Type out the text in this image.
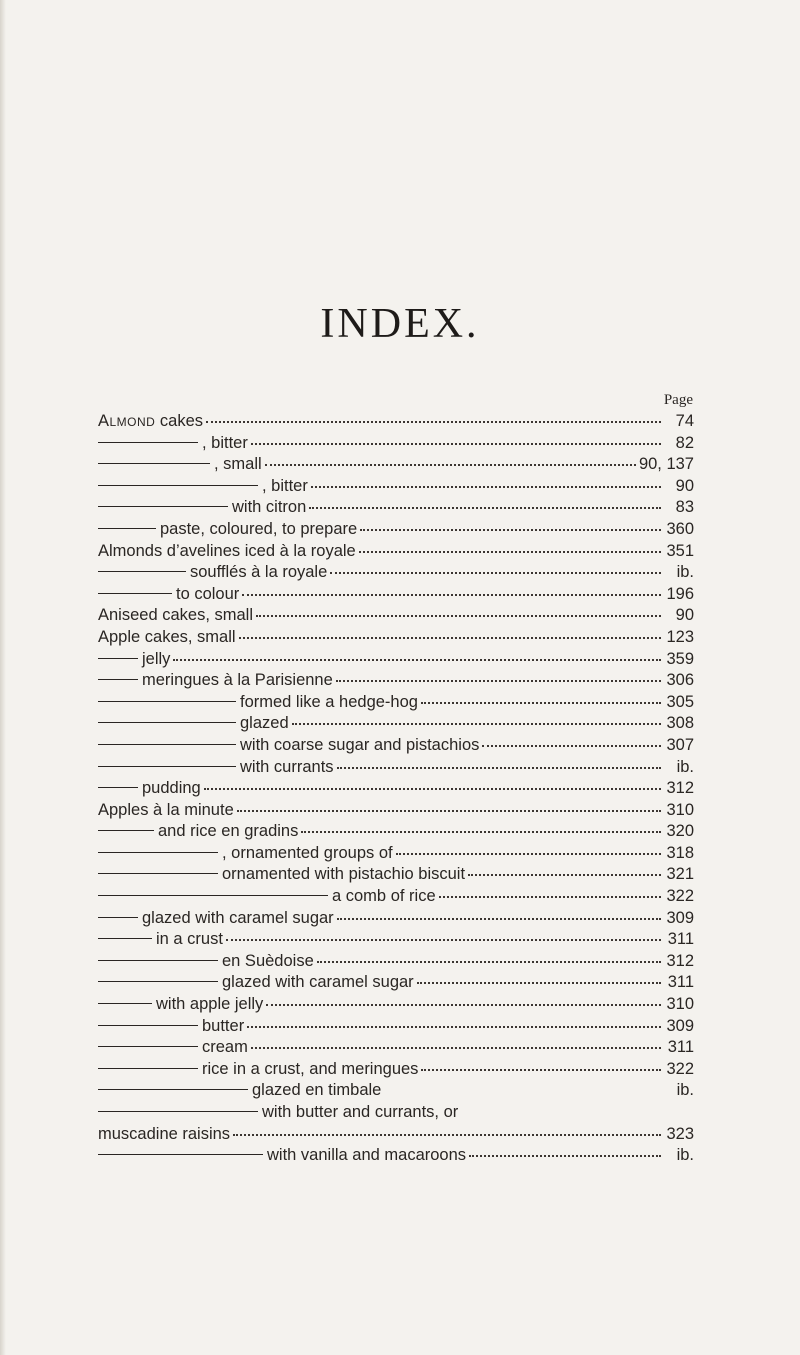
INDEX.
Page
Almond cakes	74
, bitter	82
, small	90, 137
, bitter	90
with citron	83
paste, coloured, to prepare	360
Almonds d’avelines iced à la royale	351
soufflés à la royale	ib.
to colour	196
Aniseed cakes, small	90
Apple cakes, small	123
jelly	359
meringues à la Parisienne	306
formed like a hedge-hog	305
glazed	308
with coarse sugar and pistachios	307
with currants	ib.
pudding	312
Apples à la minute	310
and rice en gradins	320
, ornamented groups of	318
ornamented with pistachio biscuit	321
a comb of rice	322
glazed with caramel sugar	309
in a crust	311
en Suèdoise	312
glazed with caramel sugar	311
with apple jelly	310
butter	309
cream	311
rice in a crust, and meringues	322
glazed en timbale	ib.
with butter and currants, or
muscadine raisins	323
with vanilla and macaroons	ib.
